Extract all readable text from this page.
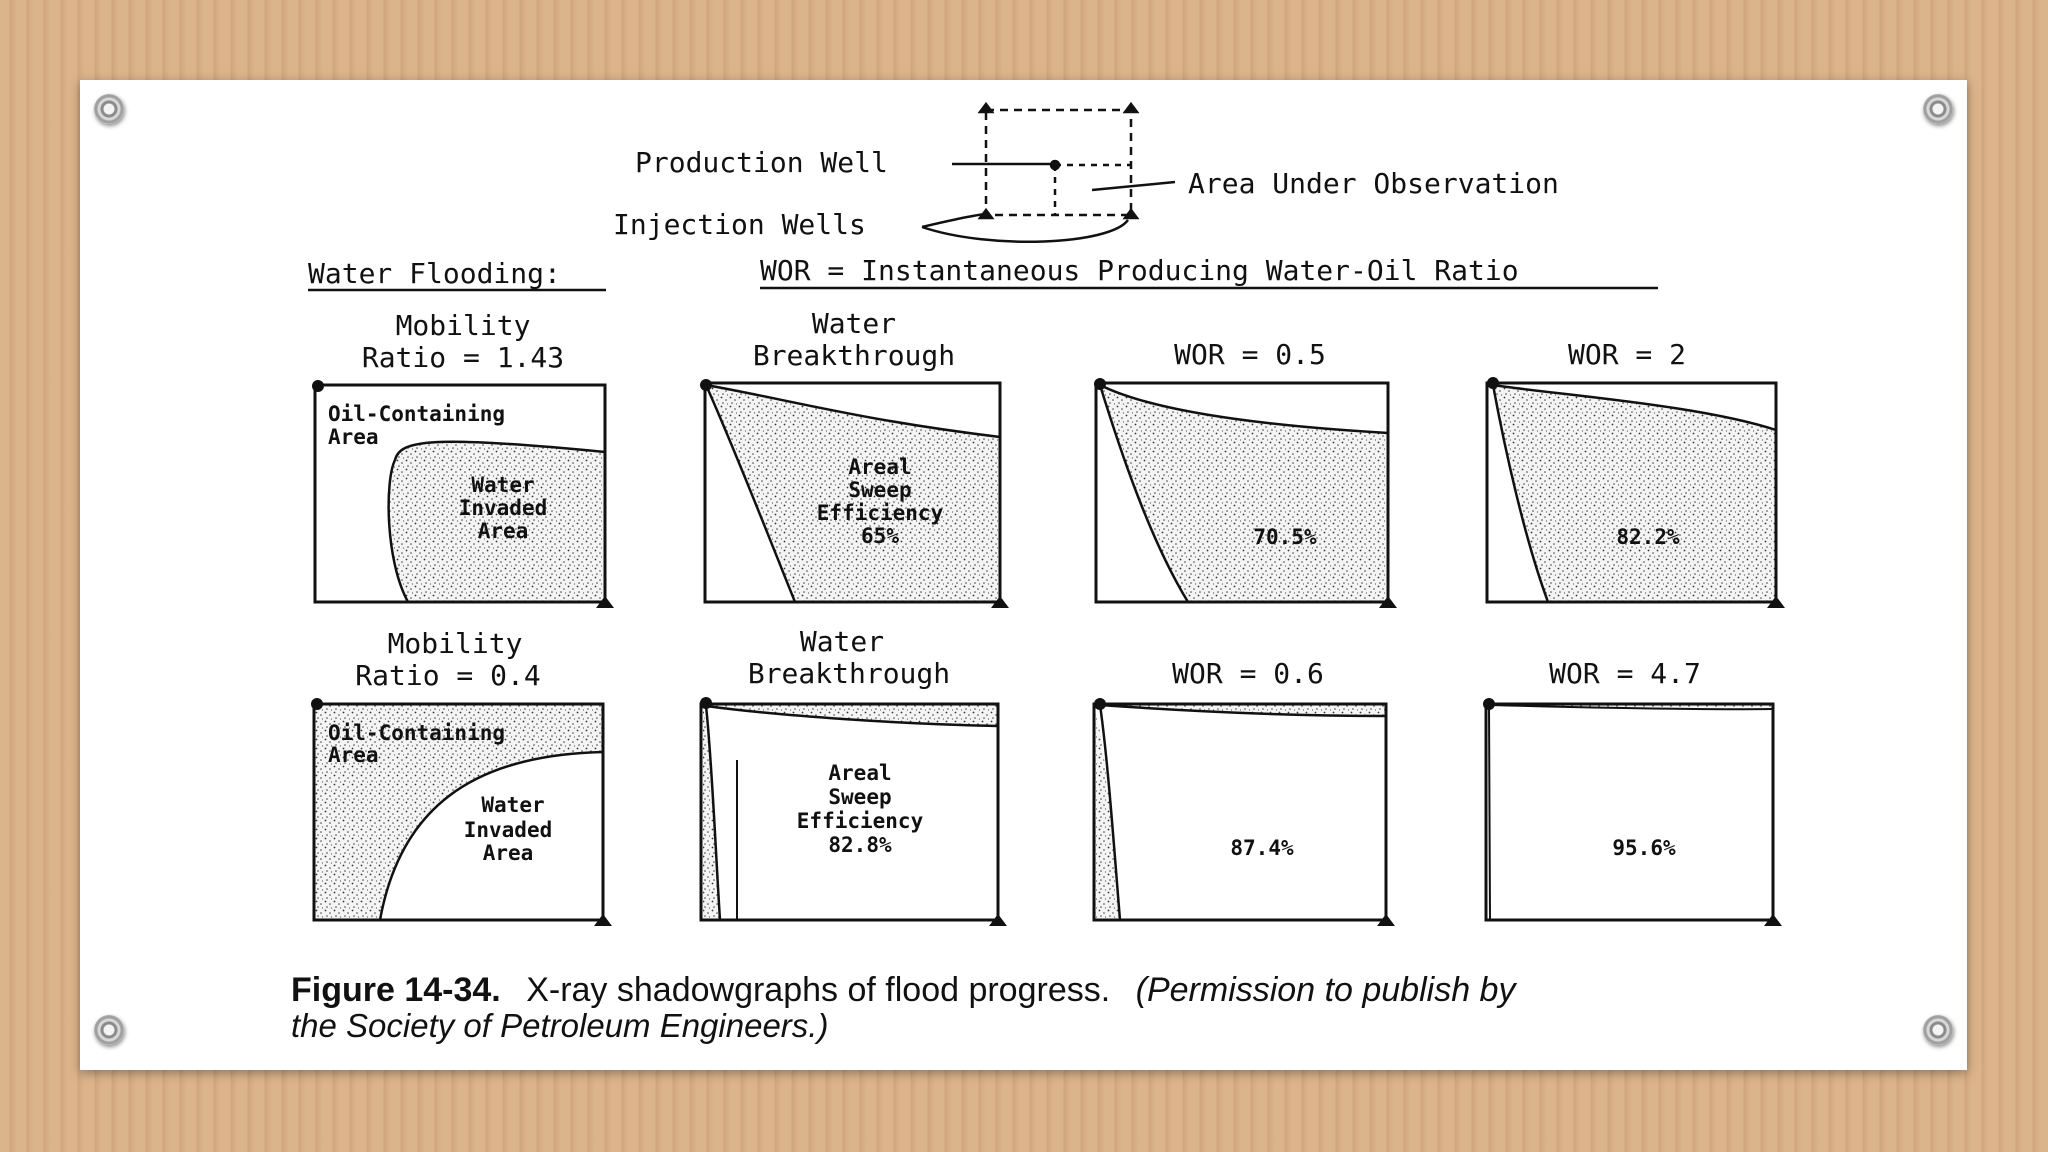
Production Well
Injection Wells
Area Under Observation
Water Flooding:	WOR = Instantaneous Producing Water-Oil Ratio
Mobility
Ratio = 1.43
Water
Breakthrough	WOR = 0.5	WOR = 2
Oil-Containing
Area
Water
Invaded
Area
Areal
Sweep
Efficiency
65%	70.5%	82.2%
Mobility
Ratio = 0.4
Water
Breakthrough	WOR = 0.6	WOR = 4.7
Oil-Containing
Area
Water
Invaded
Area
Areal
Sweep
Efficiency
82.8%	87.4%	95.6%
Figure 14-34. X-ray shadowgraphs of flood progress. (Permission to publish by
the Society of Petroleum Engineers.)
